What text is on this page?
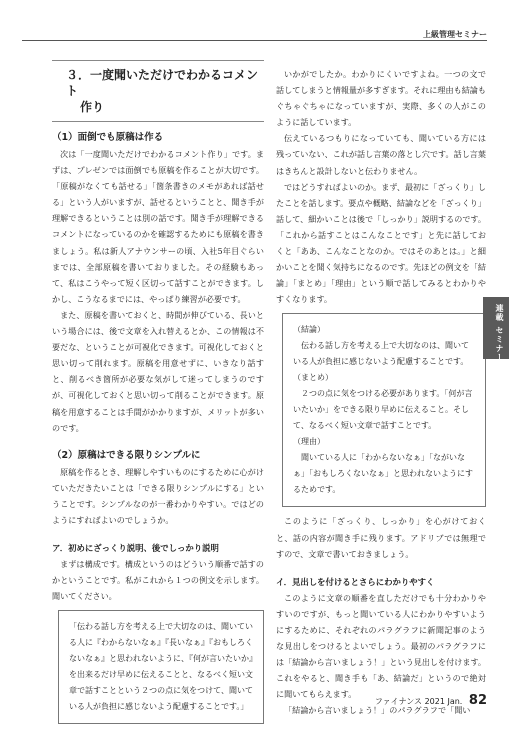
上級管理セミナー
３．一度聞いただけでわかるコメント
作り

（1）面倒でも原稿は作る

次は「一度聞いただけでわかるコメント作り」です。まずは、プレゼンでは面倒でも原稿を作ることが大切です。「原稿がなくても話せる」「箇条書きのメモがあれば話せる」という人がいますが、話せるということと、聞き手が理解できるということは別の話です。聞き手が理解できるコメントになっているのかを確認するためにも原稿を書きましょう。私は新人アナウンサーの頃、入社5年目ぐらいまでは、全部原稿を書いておりました。その経験もあって、私はこうやって短く区切って話すことができます。しかし、こうなるまでには、やっぱり練習が必要です。

また、原稿を書いておくと、時間が伸びている、長いという場合には、後で文章を入れ替えるとか、この情報は不要だな、ということが可視化できます。可視化しておくと思い切って削れます。原稿を用意せずに、いきなり話すと、削るべき箇所が必要な気がして迷ってしまうのですが、可視化しておくと思い切って削ることができます。原稿を用意することは手間がかかりますが、メリットが多いのです。

（2）原稿はできる限りシンプルに

原稿を作るとき、理解しやすいものにするために心がけていただきたいことは「できる限りシンプルにする」ということです。シンプルなのが一番わかりやすい。ではどのようにすればよいのでしょうか。

ア．初めにざっくり説明、後でしっかり説明

まずは構成です。構成というのはどういう順番で話すのかということです。私がこれから１つの例文を示します。聞いてください。

「伝わる話し方を考える上で大切なのは、聞いている人に『わからないなぁ』『長いなぁ』『おもしろくないなぁ』と思われないように、『何が言いたいか』を出来るだけ早めに伝えることと、なるべく短い文章で話すことという２つの点に気をつけて、聞いている人が負担に感じないよう配慮することです。」

いかがでしたか。わかりにくいですよね。一つの文で話してしまうと情報量が多すぎます。それに理由も結論もぐちゃぐちゃになっていますが、実際、多くの人がこのように話しています。

伝えているつもりになっていても、聞いている方には残っていない、これが話し言葉の落とし穴です。話し言葉はきちんと設計しないと伝わりません。

ではどうすればよいのか。まず、最初に「ざっくり」したことを話します。要点や概略、結論などを「ざっくり」話して、細かいことは後で「しっかり」説明するのです。「これから話すことはこんなことです」と先に話しておくと「ああ、こんなことなのか。ではそのあとは。」と細かいことを聞く気持ちになるのです。先ほどの例文を「結論」「まとめ」「理由」という順で話してみるとわかりやすくなります。

（結論）
伝わる話し方を考える上で大切なのは、聞いている人が負担に感じないよう配慮することです。
（まとめ）
２つの点に気をつける必要があります。「何が言いたいか」をできる限り早めに伝えること。そして、なるべく短い文章で話すことです。
（理由）
聞いている人に「わからないなぁ」「ながいなぁ」「おもしろくないなぁ」と思われないようにするためです。

このように「ざっくり、しっかり」を心がけておくと、話の内容が聞き手に残ります。アドリブでは無理ですので、文章で書いておきましょう。

イ．見出しを付けるとさらにわかりやすく

このように文章の順番を直しただけでも十分わかりやすいのですが、もっと聞いている人にわかりやすいようにするために、それぞれのパラグラフに新聞記事のような見出しをつけるとよいでしょう。最初のパラグラフには「結論から言いましょう！」という見出しを付けます。これをやると、聞き手も「あ、結論だ」というので絶対に聞いてもらえます。

「結論から言いましょう！」のパラグラフで「聞い

連載 セミナー
ファイナンス 2021 Jan. 82
